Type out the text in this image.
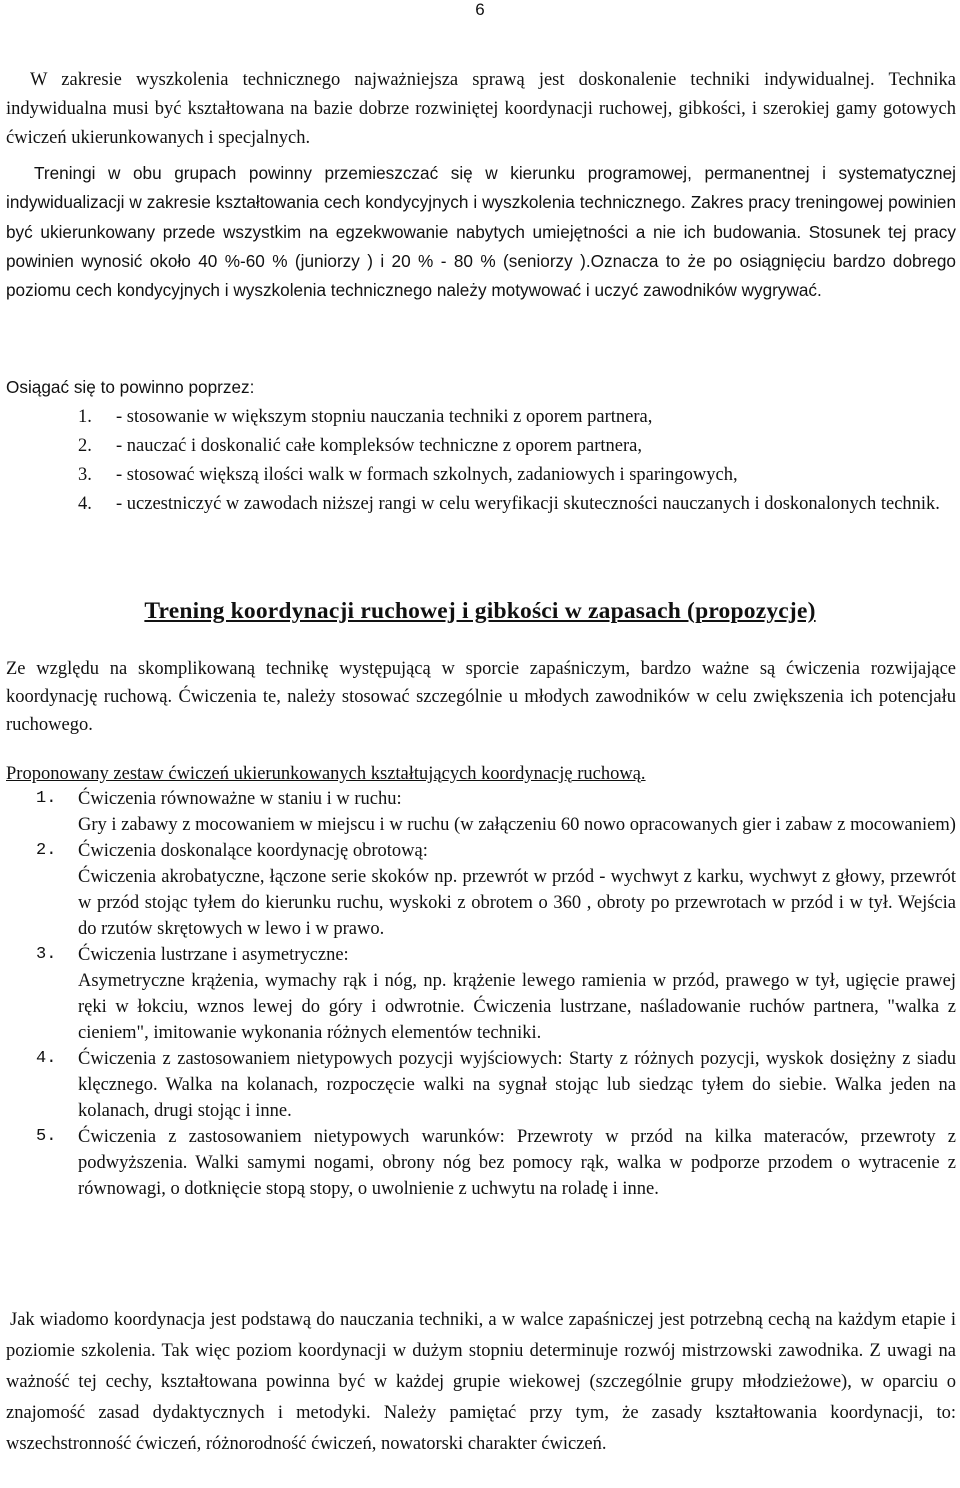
6
W zakresie wyszkolenia technicznego najważniejsza sprawą jest doskonalenie techniki indywidualnej. Technika indywidualna musi być kształtowana na bazie dobrze rozwiniętej koordynacji ruchowej, gibkości, i szerokiej gamy gotowych ćwiczeń ukierunkowanych i specjalnych.
Treningi w obu grupach powinny przemieszczać się w kierunku programowej, permanentnej i systematycznej indywidualizacji w zakresie kształtowania cech kondycyjnych i wyszkolenia technicznego. Zakres pracy treningowej powinien być ukierunkowany przede wszystkim na egzekwowanie nabytych umiejętności a nie ich budowania. Stosunek tej pracy powinien wynosić około 40 %-60 % (juniorzy ) i 20 % - 80 % (seniorzy ).Oznacza to że po osiągnięciu bardzo dobrego poziomu cech kondycyjnych i wyszkolenia technicznego należy motywować i uczyć zawodników wygrywać.
Osiągać się to powinno poprzez:
1. - stosowanie w większym stopniu nauczania techniki z oporem partnera,
2. - nauczać i doskonalić całe kompleksów techniczne z oporem partnera,
3. - stosować większą ilości walk w formach szkolnych, zadaniowych i sparingowych,
4. - uczestniczyć w zawodach niższej rangi w celu weryfikacji skuteczności nauczanych i doskonalonych technik.
Trening koordynacji ruchowej i gibkości w zapasach (propozycje)
Ze względu na skomplikowaną technikę występującą w sporcie zapaśniczym, bardzo ważne są ćwiczenia rozwijające koordynację ruchową. Ćwiczenia te, należy stosować szczególnie u młodych zawodników w celu zwiększenia ich potencjału ruchowego.
Proponowany zestaw ćwiczeń ukierunkowanych kształtujących koordynację ruchową.
1. Ćwiczenia równoważne w staniu i w ruchu:
Gry i zabawy z mocowaniem w miejscu i w ruchu (w załączeniu 60 nowo opracowanych gier i zabaw z mocowaniem)
2. Ćwiczenia doskonalące koordynację obrotową:
Ćwiczenia akrobatyczne, łączone serie skoków np. przewrót w przód - wychwyt z karku, wychwyt z głowy, przewrót w przód stojąc tyłem do kierunku ruchu, wyskoki z obrotem o 360 , obroty po przewrotach w przód i w tył. Wejścia do rzutów skrętowych w lewo i w prawo.
3. Ćwiczenia lustrzane i asymetryczne:
Asymetryczne krążenia, wymachy rąk i nóg, np. krążenie lewego ramienia w przód, prawego w tył, ugięcie prawej ręki w łokciu, wznos lewej do góry i odwrotnie. Ćwiczenia lustrzane, naśladowanie ruchów partnera, "walka z cieniem", imitowanie wykonania różnych elementów techniki.
4. Ćwiczenia z zastosowaniem nietypowych pozycji wyjściowych: Starty z różnych pozycji, wyskok dosiężny z siadu klęcznego. Walka na kolanach, rozpoczęcie walki na sygnał stojąc lub siedząc tyłem do siebie. Walka jeden na kolanach, drugi stojąc i inne.
5. Ćwiczenia z zastosowaniem nietypowych warunków: Przewroty w przód na kilka materaców, przewroty z podwyższenia. Walki samymi nogami, obrony nóg bez pomocy rąk, walka w podporze przodem o wytracenie z równowagi, o dotknięcie stopą stopy, o uwolnienie z uchwytu na roladę i inne.
Jak wiadomo koordynacja jest podstawą do nauczania techniki, a w walce zapaśniczej jest potrzebną cechą na każdym etapie i poziomie szkolenia. Tak więc poziom koordynacji w dużym stopniu determinuje rozwój mistrzowski zawodnika. Z uwagi na ważność tej cechy, kształtowana powinna być w każdej grupie wiekowej (szczególnie grupy młodzieżowe), w oparciu o znajomość zasad dydaktycznych i metodyki. Należy pamiętać przy tym, że zasady kształtowania koordynacji, to: wszechstronność ćwiczeń, różnorodność ćwiczeń, nowatorski charakter ćwiczeń.
